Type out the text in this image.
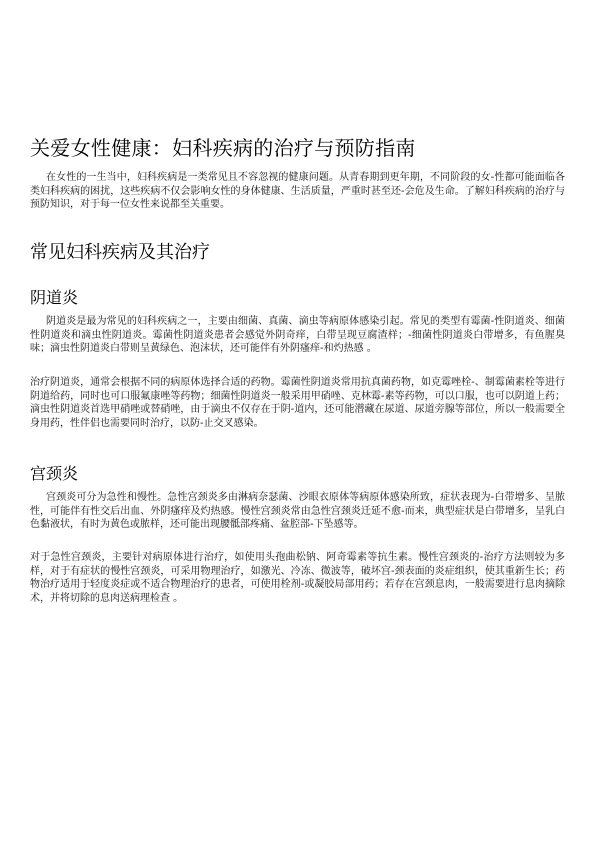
关爱女性健康：妇科疾病的治疗与预防指南

在女性的一生当中，妇科疾病是一类常见且不容忽视的健康问题。从青春期到更年期，不同阶段的女-性都可能面临各类妇科疾病的困扰，这些疾病不仅会影响女性的身体健康、生活质量，严重时甚至还-会危及生命。了解妇科疾病的治疗与预防知识，对于每一位女性来说都至关重要。

常见妇科疾病及其治疗
阴道炎

阴道炎是最为常见的妇科疾病之一，主要由细菌、真菌、滴虫等病原体感染引起。常见的类型有霉菌-性阴道炎、细菌性阴道炎和滴虫性阴道炎。霉菌性阴道炎患者会感觉外阴奇痒，白带呈现豆腐渣样；-细菌性阴道炎白带增多，有鱼腥臭味；滴虫性阴道炎白带则呈黄绿色、泡沫状，还可能伴有外阴瘙痒-和灼热感 。

治疗阴道炎，通常会根据不同的病原体选择合适的药物。霉菌性阴道炎常用抗真菌药物，如克霉唑栓-、制霉菌素栓等进行阴道给药，同时也可口服氟康唑等药物；细菌性阴道炎一般采用甲硝唑、克林霉-素等药物，可以口服，也可以阴道上药；滴虫性阴道炎首选甲硝唑或替硝唑，由于滴虫不仅存在于阴-道内，还可能潜藏在尿道、尿道旁腺等部位，所以一般需要全身用药，性伴侣也需要同时治疗，以防-止交叉感染。

宫颈炎

宫颈炎可分为急性和慢性。急性宫颈炎多由淋病奈瑟菌、沙眼衣原体等病原体感染所致，症状表现为-白带增多、呈脓性，可能伴有性交后出血、外阴瘙痒及灼热感。慢性宫颈炎常由急性宫颈炎迁延不愈-而来，典型症状是白带增多，呈乳白色黏液状，有时为黄色或脓样，还可能出现腰骶部疼痛、盆腔部-下坠感等。

对于急性宫颈炎，主要针对病原体进行治疗，如使用头孢曲松钠、阿奇霉素等抗生素。慢性宫颈炎的-治疗方法则较为多样，对于有症状的慢性宫颈炎，可采用物理治疗，如激光、冷冻、微波等，破坏宫-颈表面的炎症组织，使其重新生长；药物治疗适用于轻度炎症或不适合物理治疗的患者，可使用栓剂-或凝胶局部用药；若存在宫颈息肉，一般需要进行息肉摘除术，并将切除的息肉送病理检查 。
